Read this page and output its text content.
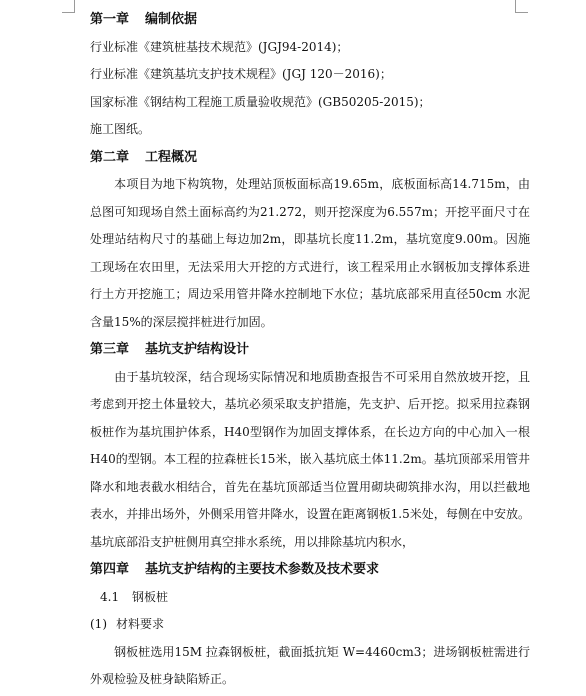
第一章 编制依据
行业标准《建筑桩基技术规范》(JGJ94-2014)；
行业标准《建筑基坑支护技术规程》(JGJ 120－2016)；
国家标准《钢结构工程施工质量验收规范》(GB50205-2015)；
施工图纸。
第二章 工程概况
本项目为地下构筑物，处理站顶板面标高19.65m，底板面标高14.715m，由总图可知现场自然土面标高约为21.272，则开挖深度为6.557m；开挖平面尺寸在处理站结构尺寸的基础上每边加2m，即基坑长度11.2m，基坑宽度9.00m。因施工现场在农田里，无法采用大开挖的方式进行，该工程采用止水钢板加支撑体系进行土方开挖施工；周边采用管井降水控制地下水位；基坑底部采用直径50cm 水泥含量15%的深层搅拌桩进行加固。
第三章 基坑支护结构设计
由于基坑较深，结合现场实际情况和地质勘查报告不可采用自然放坡开挖，且考虑到开挖土体量较大，基坑必须采取支护措施，先支护、后开挖。拟采用拉森钢板桩作为基坑围护体系，H40型钢作为加固支撑体系，在长边方向的中心加入一根 H40的型钢。本工程的拉森桩长15米，嵌入基坑底土体11.2m。基坑顶部采用管井降水和地表截水相结合，首先在基坑顶部适当位置用砌块砌筑排水沟，用以拦截地表水，并排出场外，外侧采用管井降水，设置在距离钢板1.5米处，每侧在中安放。基坑底部沿支护桩侧用真空排水系统，用以排除基坑内积水，
第四章 基坑支护结构的主要技术参数及技术要求
4.1 钢板桩
(1) 材料要求
钢板桩选用15M 拉森钢板桩，截面抵抗矩 W=4460cm3；进场钢板桩需进行外观检验及桩身缺陷矫正。
